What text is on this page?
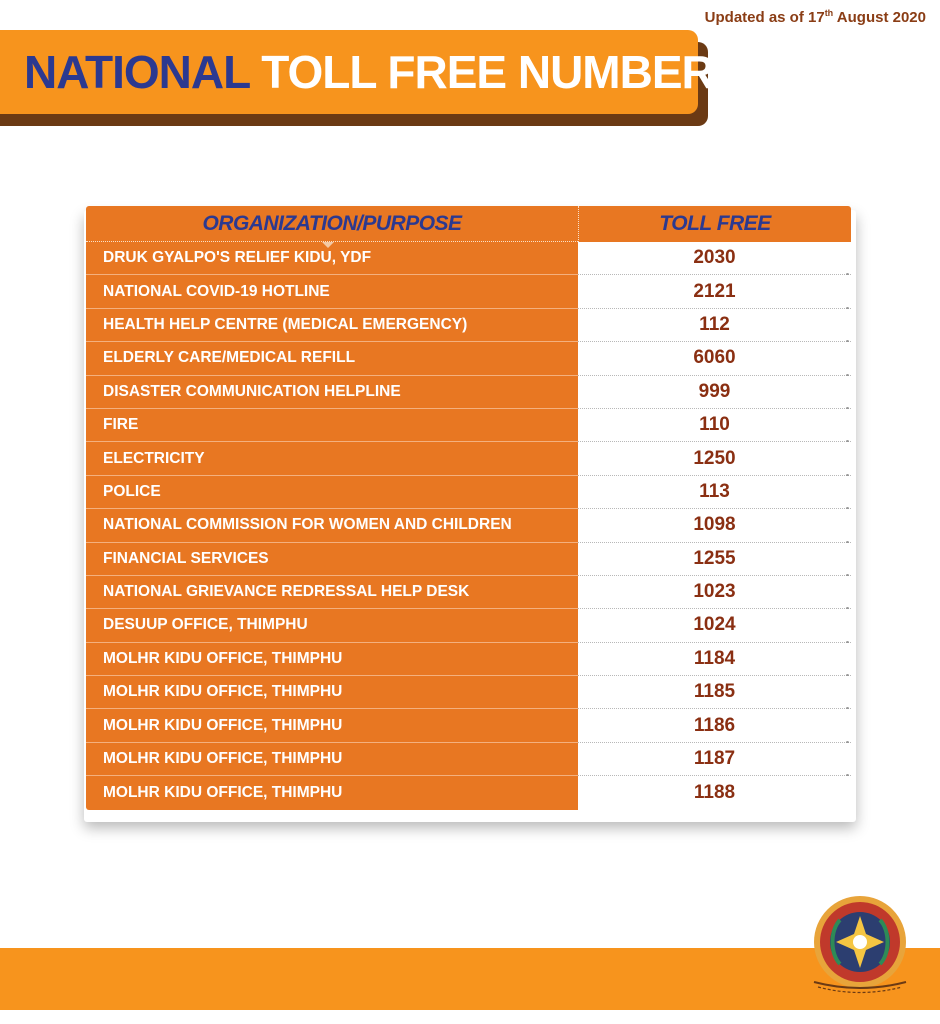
Updated as of 17th August 2020
NATIONAL TOLL FREE NUMBERS
ORGANIZATION/PURPOSE	TOLL FREE
DRUK GYALPO'S RELIEF KIDU, YDF	2030
NATIONAL COVID-19 HOTLINE	2121
HEALTH HELP CENTRE (MEDICAL EMERGENCY)	112
ELDERLY CARE/MEDICAL REFILL	6060
DISASTER COMMUNICATION HELPLINE	999
FIRE	110
ELECTRICITY	1250
POLICE	113
NATIONAL COMMISSION FOR WOMEN AND CHILDREN	1098
FINANCIAL SERVICES	1255
NATIONAL GRIEVANCE REDRESSAL HELP DESK	1023
DESUUP OFFICE, THIMPHU	1024
MOLHR KIDU OFFICE, THIMPHU	1184
MOLHR KIDU OFFICE, THIMPHU	1185
MOLHR KIDU OFFICE, THIMPHU	1186
MOLHR KIDU OFFICE, THIMPHU	1187
MOLHR KIDU OFFICE, THIMPHU	1188
